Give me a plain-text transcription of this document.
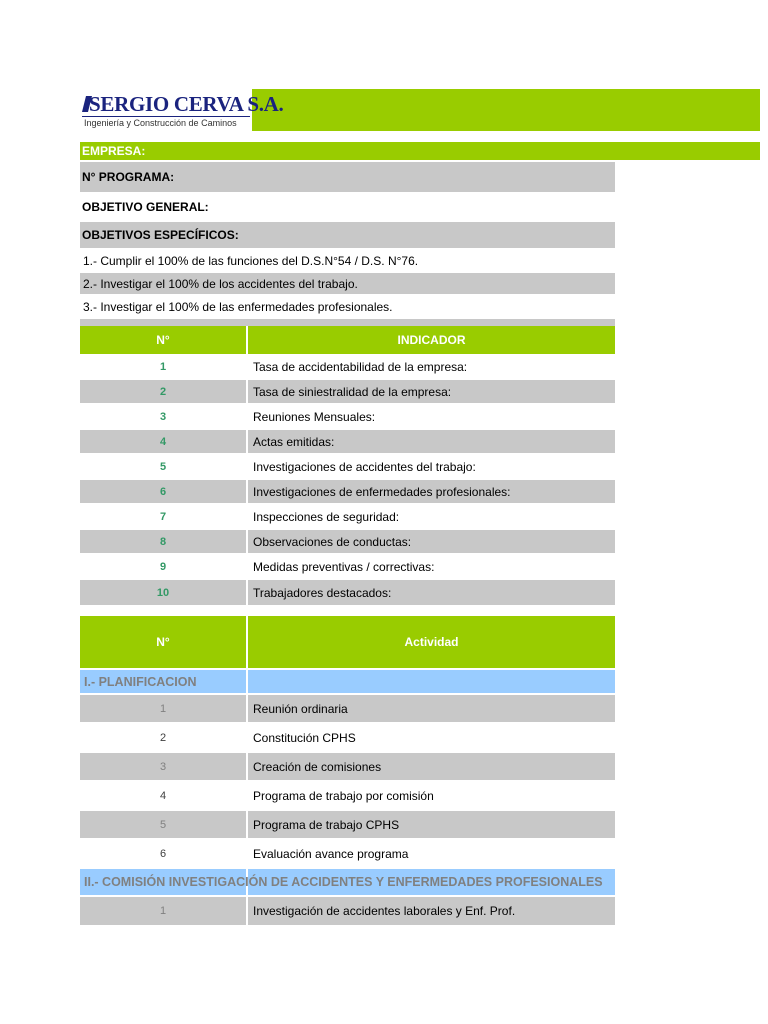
SERGIO CERVA S.A.
Ingeniería y Construcción de Caminos
EMPRESA:
N° PROGRAMA:
OBJETIVO GENERAL:
OBJETIVOS ESPECÍFICOS:
1.- Cumplir el 100% de las funciones del D.S.N°54 / D.S. N°76.
2.- Investigar el 100% de los accidentes del trabajo.
3.- Investigar el 100% de las enfermedades profesionales.
N°	INDICADOR
1	Tasa de accidentabilidad de la empresa:
2	Tasa de siniestralidad de la empresa:
3	Reuniones Mensuales:
4	Actas emitidas:
5	Investigaciones de accidentes del trabajo:
6	Investigaciones de enfermedades profesionales:
7	Inspecciones de seguridad:
8	Observaciones de conductas:
9	Medidas preventivas / correctivas:
10	Trabajadores destacados:
N°	Actividad
I.- PLANIFICACION
1	Reunión ordinaria
2	Constitución CPHS
3	Creación de comisiones
4	Programa de trabajo por comisión
5	Programa de trabajo CPHS
6	Evaluación avance programa
II.- COMISIÓN INVESTIGACIÓN DE ACCIDENTES Y ENFERMEDADES PROFESIONALES
1	Investigación de accidentes laborales y Enf. Prof.
